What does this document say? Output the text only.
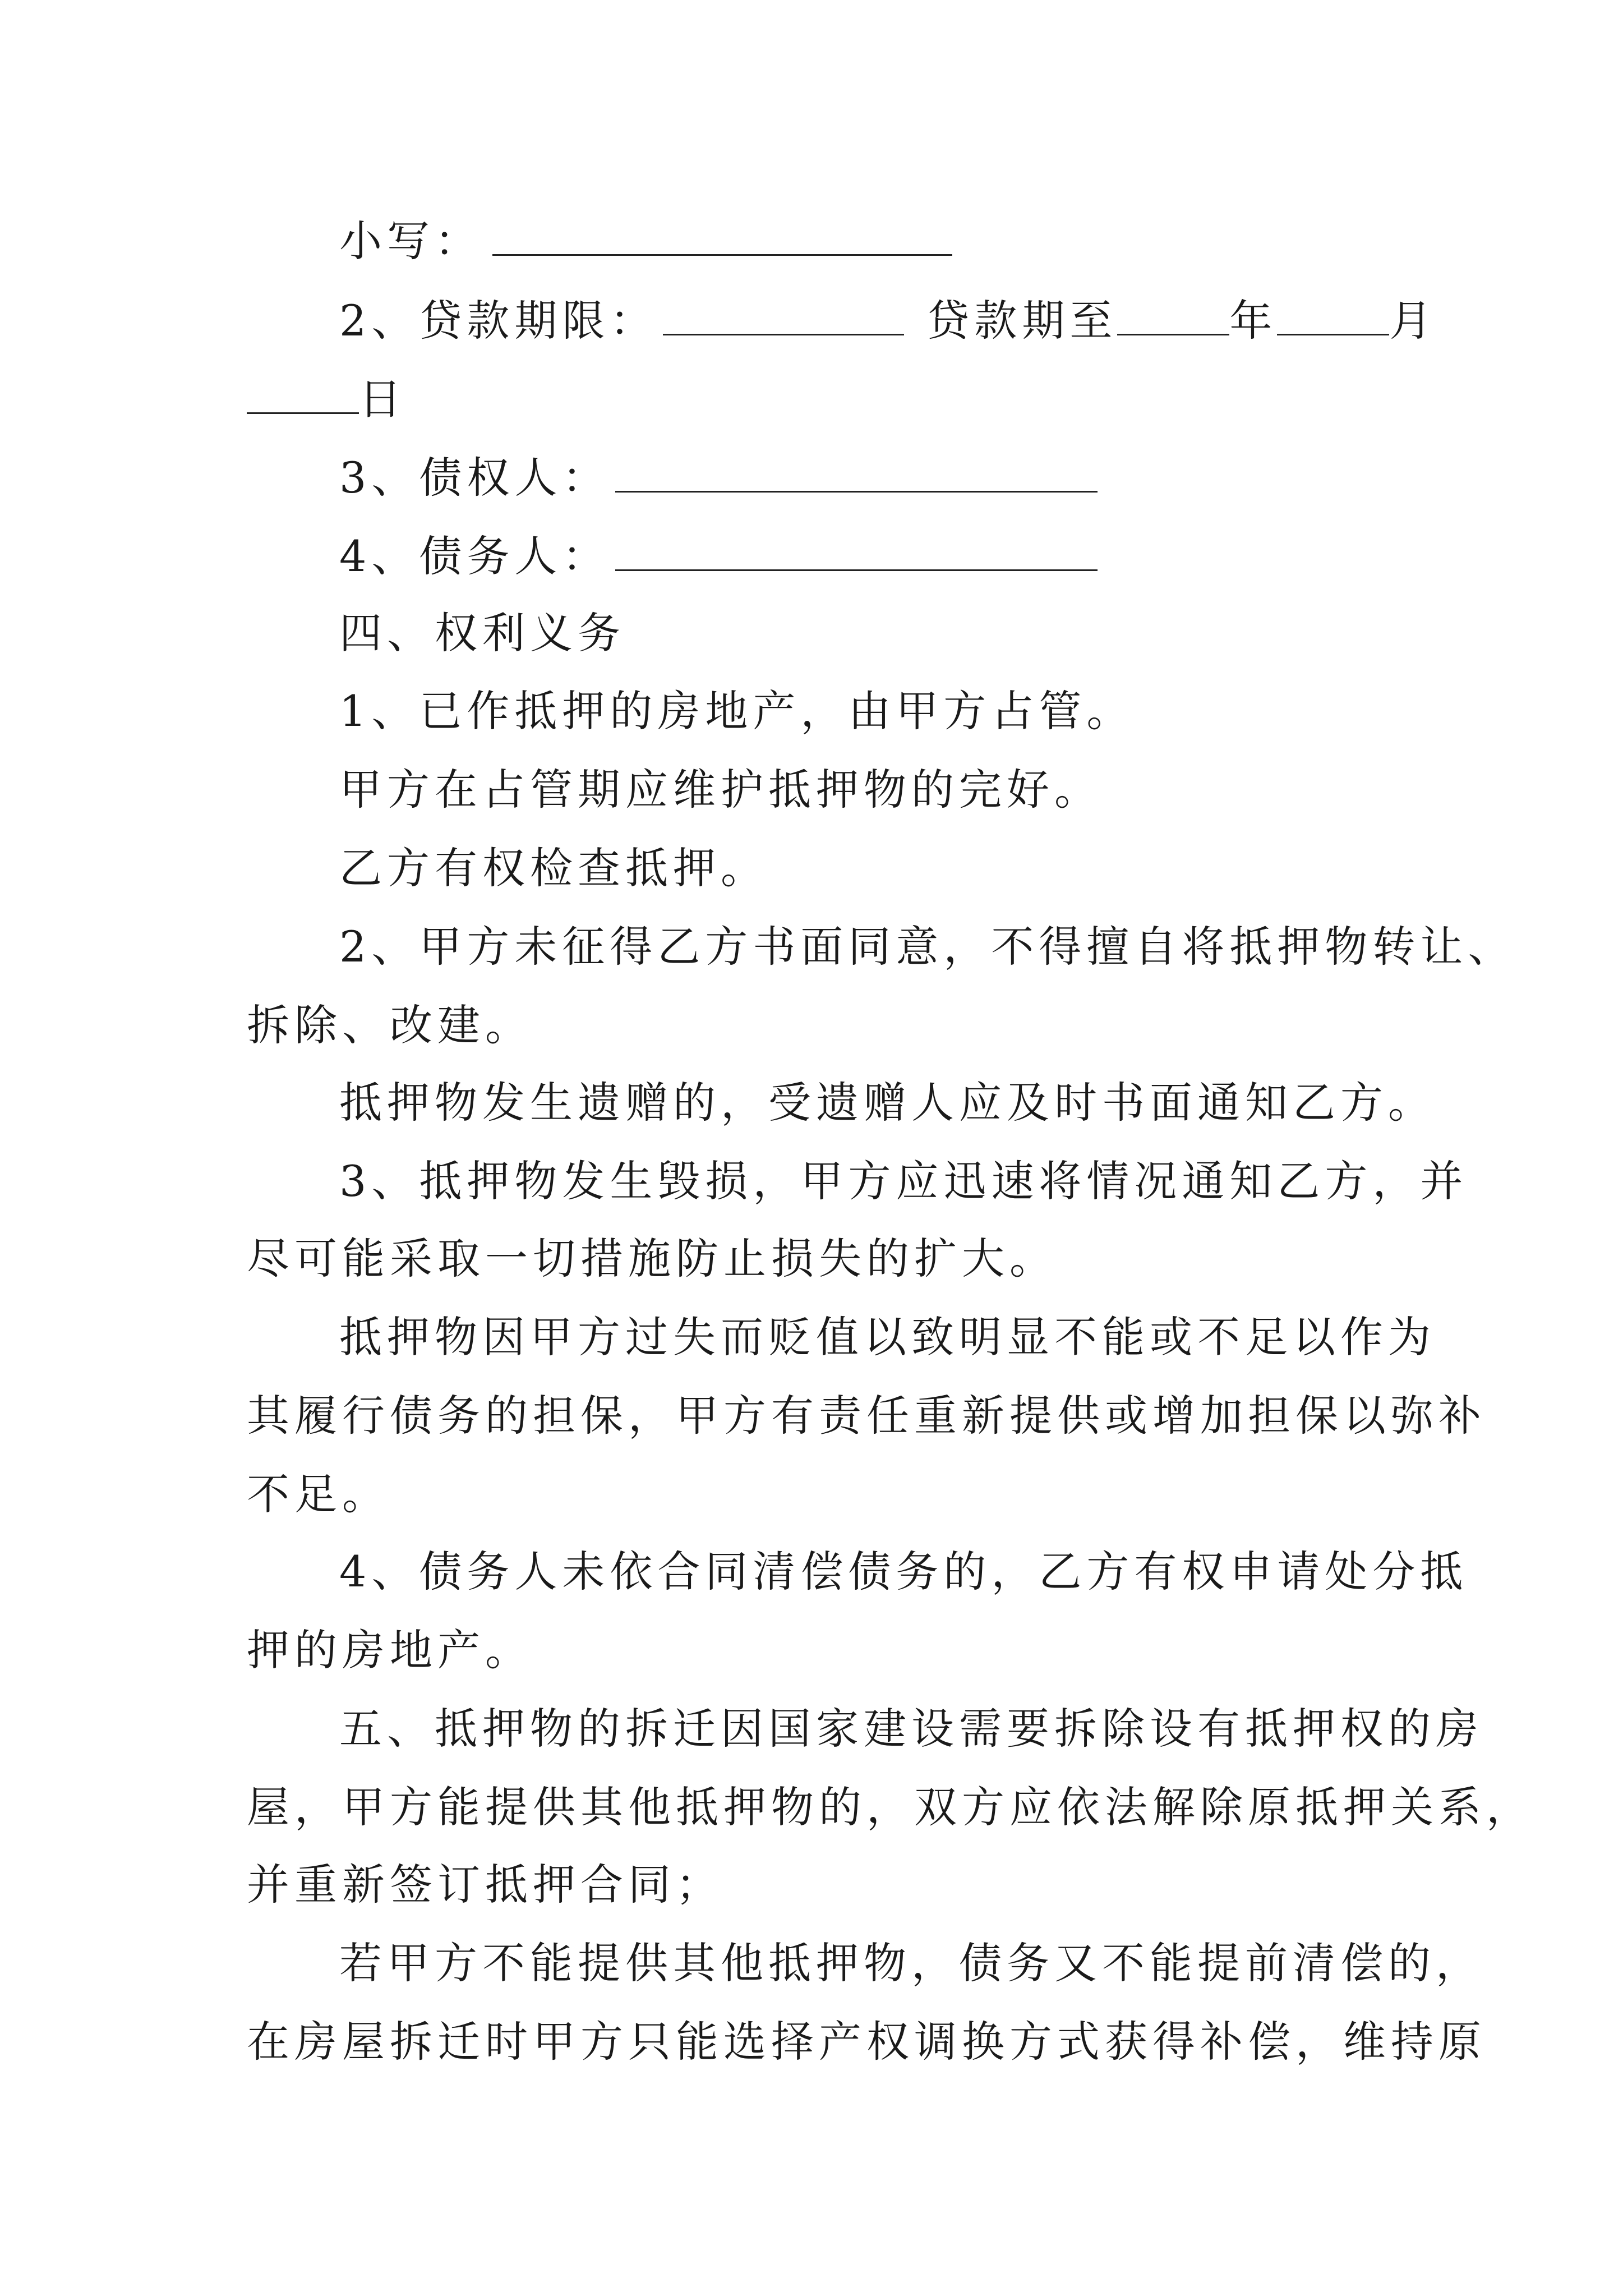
小写：
2、贷款期限：	贷款期至	年	月
日
3、债权人：
4、债务人：
四、权利义务
1、已作抵押的房地产，由甲方占管。
甲方在占管期应维护抵押物的完好。
乙方有权检查抵押。
2、甲方未征得乙方书面同意，不得擅自将抵押物转让、
拆除、改建。
抵押物发生遗赠的，受遗赠人应及时书面通知乙方。
3、抵押物发生毁损，甲方应迅速将情况通知乙方，并
尽可能采取一切措施防止损失的扩大。
抵押物因甲方过失而贬值以致明显不能或不足以作为
其履行债务的担保，甲方有责任重新提供或增加担保以弥补
不足。
4、债务人未依合同清偿债务的，乙方有权申请处分抵
押的房地产。
五、抵押物的拆迁因国家建设需要拆除设有抵押权的房
屋，甲方能提供其他抵押物的，双方应依法解除原抵押关系，
并重新签订抵押合同；
若甲方不能提供其他抵押物，债务又不能提前清偿的，
在房屋拆迁时甲方只能选择产权调换方式获得补偿，维持原
